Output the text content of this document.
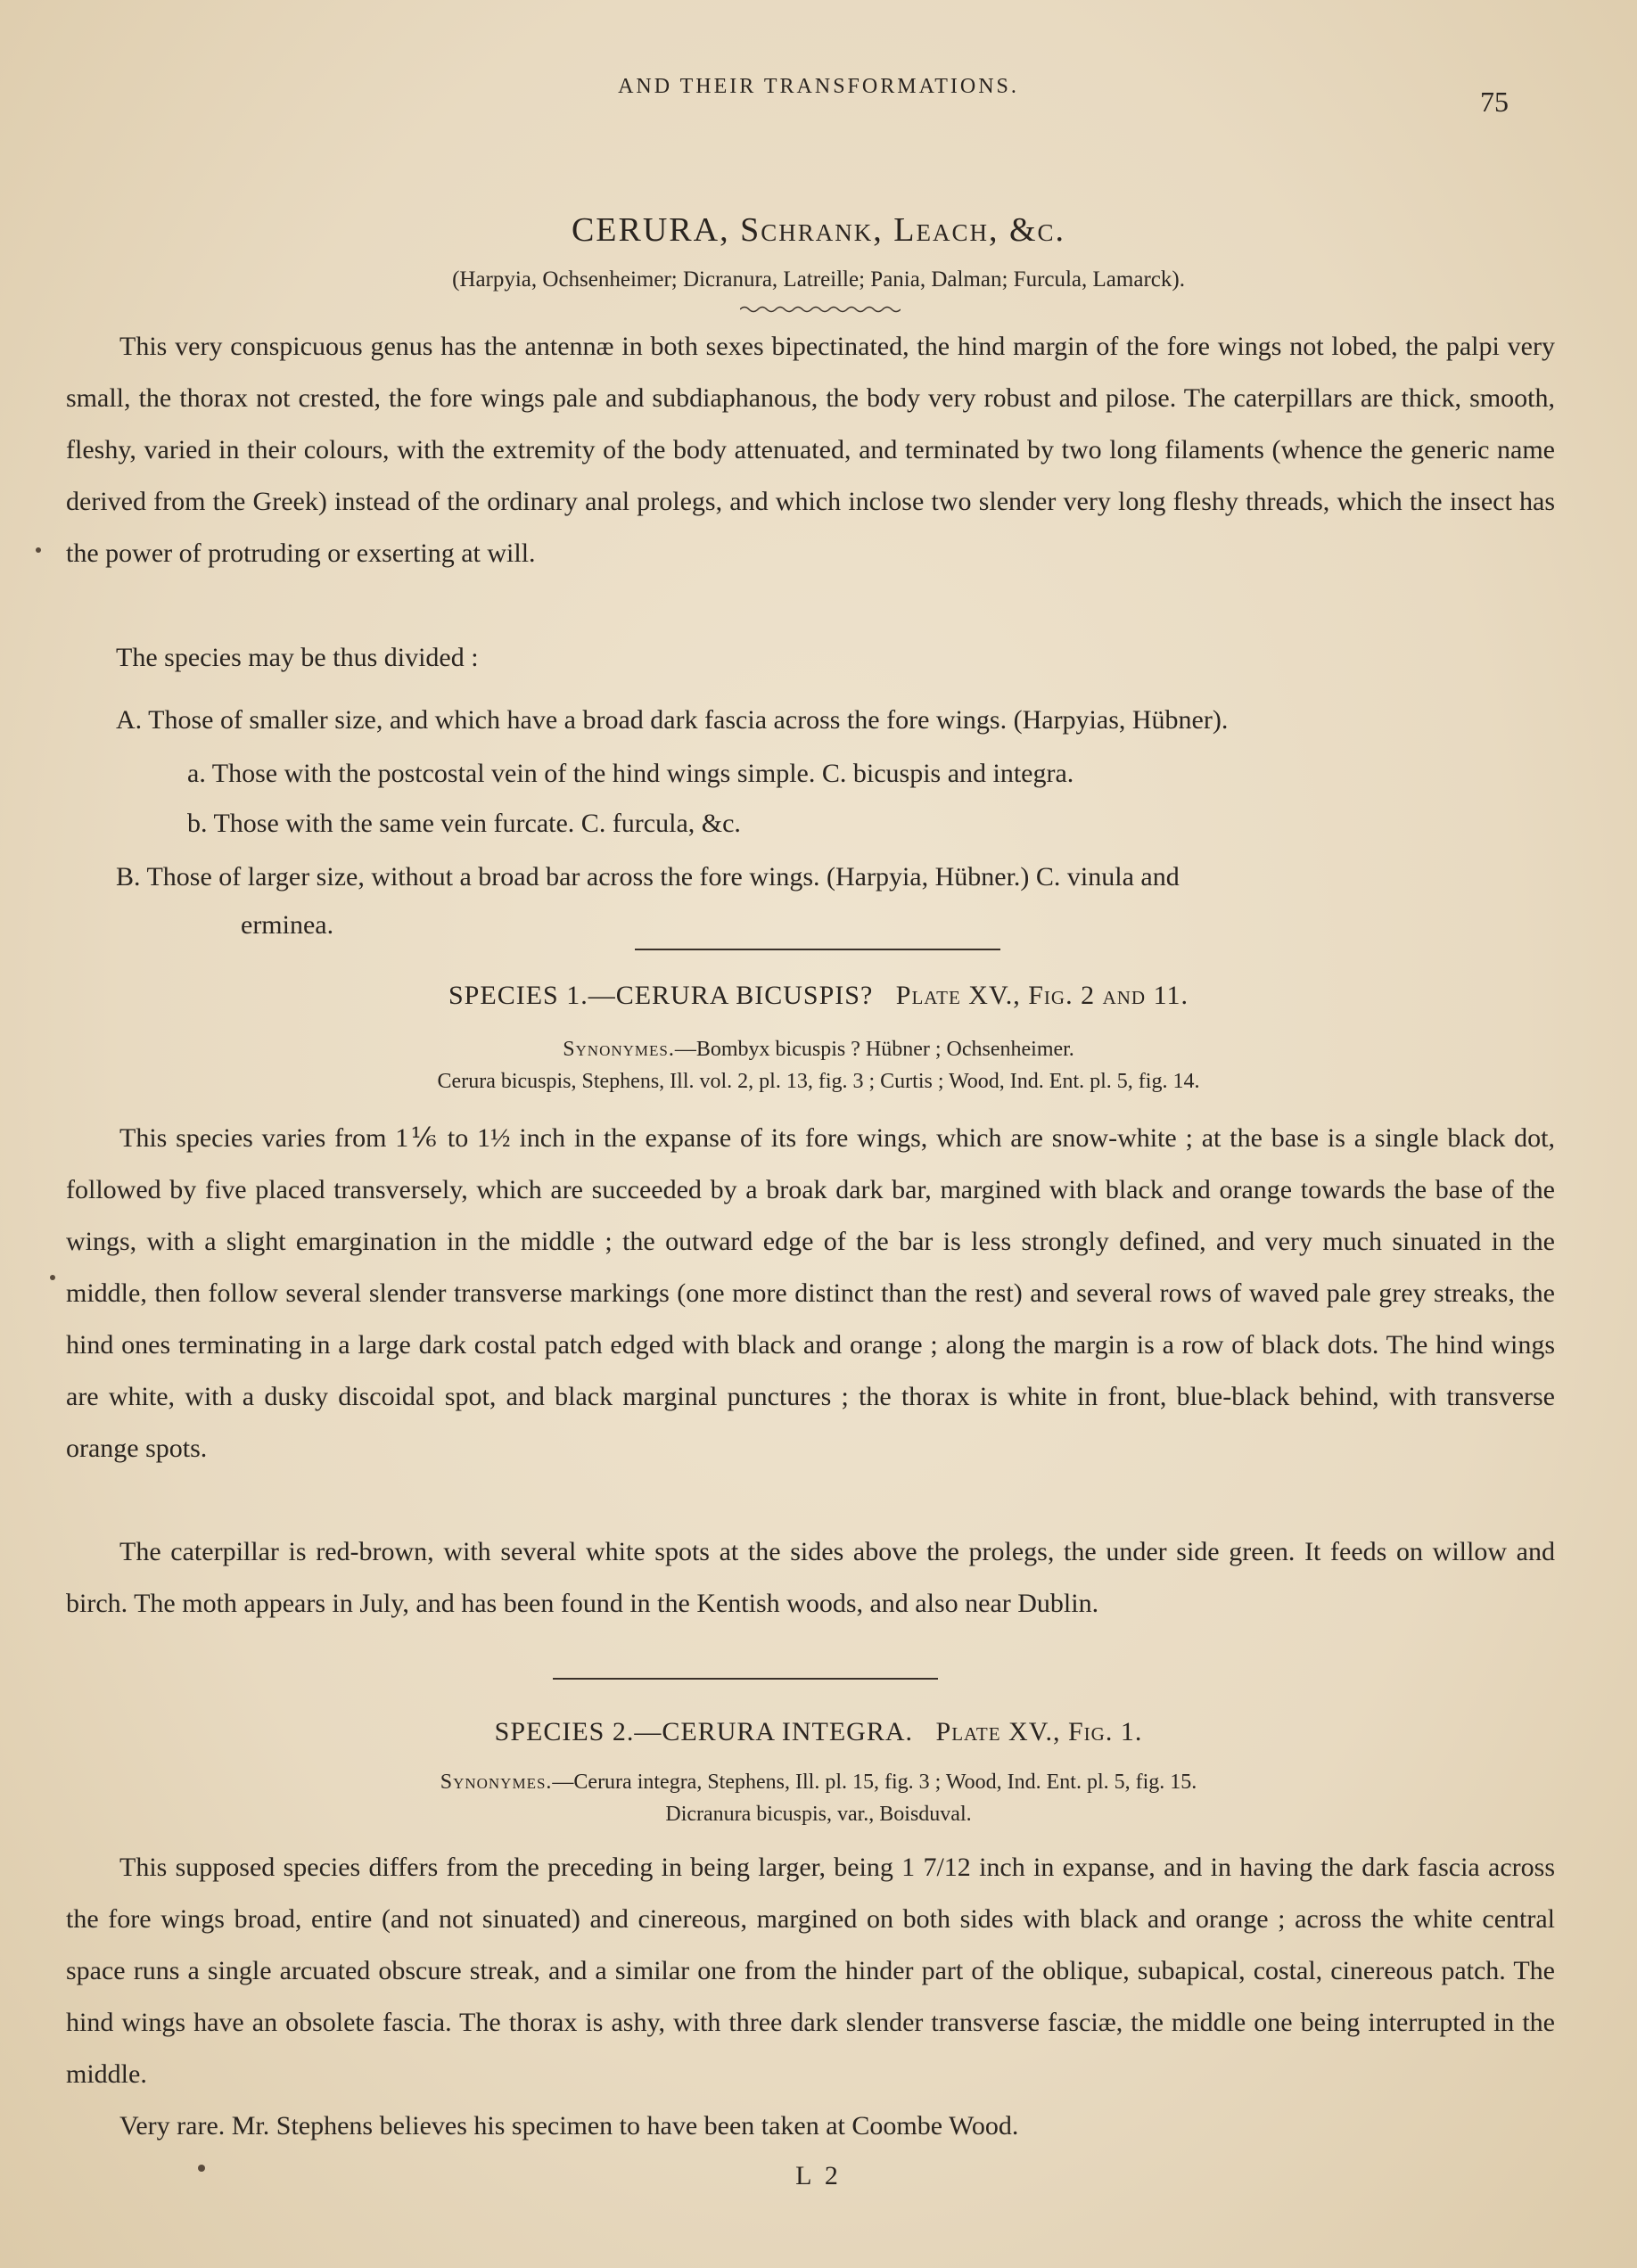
AND THEIR TRANSFORMATIONS.	75
CERURA, Schrank, Leach, &c.
(Harpyia, Ochsenheimer; Dicranura, Latreille; Pania, Dalman; Furcula, Lamarck).
This very conspicuous genus has the antennæ in both sexes bipectinated, the hind margin of the fore wings not lobed, the palpi very small, the thorax not crested, the fore wings pale and subdiaphanous, the body very robust and pilose. The caterpillars are thick, smooth, fleshy, varied in their colours, with the extremity of the body attenuated, and terminated by two long filaments (whence the generic name derived from the Greek) instead of the ordinary anal prolegs, and which inclose two slender very long fleshy threads, which the insect has the power of protruding or exserting at will.
The species may be thus divided :
A. Those of smaller size, and which have a broad dark fascia across the fore wings. (Harpyias, Hübner).
a. Those with the postcostal vein of the hind wings simple. C. bicuspis and integra.
b. Those with the same vein furcate. C. furcula, &c.
B. Those of larger size, without a broad bar across the fore wings. (Harpyia, Hübner.) C. vinula and
erminea.
SPECIES 1.—CERURA BICUSPIS? Plate XV., Fig. 2 and 11.
Synonymes.—Bombyx bicuspis ? Hübner ; Ochsenheimer.
Cerura bicuspis, Stephens, Ill. vol. 2, pl. 13, fig. 3 ; Curtis ; Wood, Ind. Ent. pl. 5, fig. 14.
This species varies from 1⅙ to 1½ inch in the expanse of its fore wings, which are snow-white ; at the base is a single black dot, followed by five placed transversely, which are succeeded by a broak dark bar, margined with black and orange towards the base of the wings, with a slight emargination in the middle ; the outward edge of the bar is less strongly defined, and very much sinuated in the middle, then follow several slender transverse markings (one more distinct than the rest) and several rows of waved pale grey streaks, the hind ones terminating in a large dark costal patch edged with black and orange ; along the margin is a row of black dots. The hind wings are white, with a dusky discoidal spot, and black marginal punctures ; the thorax is white in front, blue-black behind, with transverse orange spots.
The caterpillar is red-brown, with several white spots at the sides above the prolegs, the under side green. It feeds on willow and birch. The moth appears in July, and has been found in the Kentish woods, and also near Dublin.
SPECIES 2.—CERURA INTEGRA. Plate XV., Fig. 1.
Synonymes.—Cerura integra, Stephens, Ill. pl. 15, fig. 3 ; Wood, Ind. Ent. pl. 5, fig. 15.
Dicranura bicuspis, var., Boisduval.
This supposed species differs from the preceding in being larger, being 1 7/12 inch in expanse, and in having the dark fascia across the fore wings broad, entire (and not sinuated) and cinereous, margined on both sides with black and orange ; across the white central space runs a single arcuated obscure streak, and a similar one from the hinder part of the oblique, subapical, costal, cinereous patch. The hind wings have an obsolete fascia. The thorax is ashy, with three dark slender transverse fasciæ, the middle one being interrupted in the middle.
Very rare. Mr. Stephens believes his specimen to have been taken at Coombe Wood.
L 2
